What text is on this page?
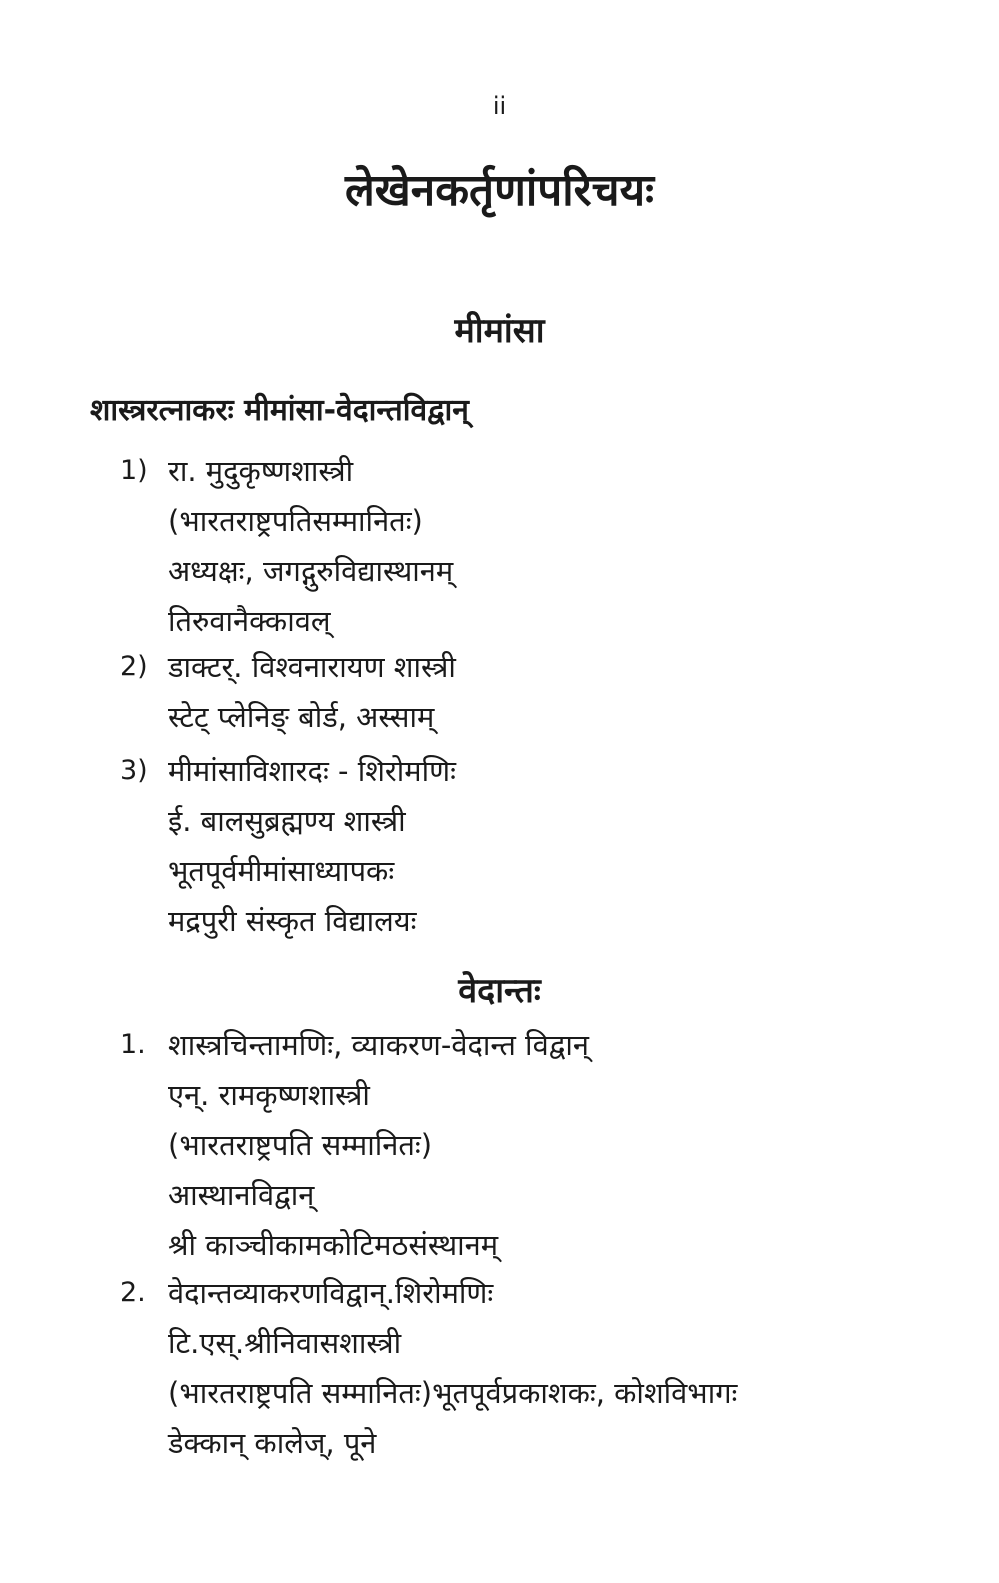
ii
लेखेनकर्तृणांपरिचयः
मीमांसा
शास्त्ररत्नाकरः मीमांसा-वेदान्तविद्वान्
1) रा. मुदुकृष्णशास्त्री
(भारतराष्ट्रपतिसम्मानितः)
अध्यक्षः, जगद्गुरुविद्यास्थानम्
तिरुवानैक्कावल्
2) डाक्टर्. विश्वनारायण शास्त्री
स्टेट् प्लेनिङ् बोर्ड, अस्साम्
3) मीमांसाविशारदः - शिरोमणिः
ई. बालसुब्रह्मण्य शास्त्री
भूतपूर्वमीमांसाध्यापकः
मद्रपुरी संस्कृत विद्यालयः
वेदान्तः
1. शास्त्रचिन्तामणिः, व्याकरण-वेदान्त विद्वान्
एन्. रामकृष्णशास्त्री
(भारतराष्ट्रपति सम्मानितः)
आस्थानविद्वान्
श्री काञ्चीकामकोटिमठसंस्थानम्
2. वेदान्तव्याकरणविद्वान्.शिरोमणिः
टि.एस्.श्रीनिवासशास्त्री
(भारतराष्ट्रपति सम्मानितः)भूतपूर्वप्रकाशकः, कोशविभागः
डेक्कान् कालेज्, पूने
